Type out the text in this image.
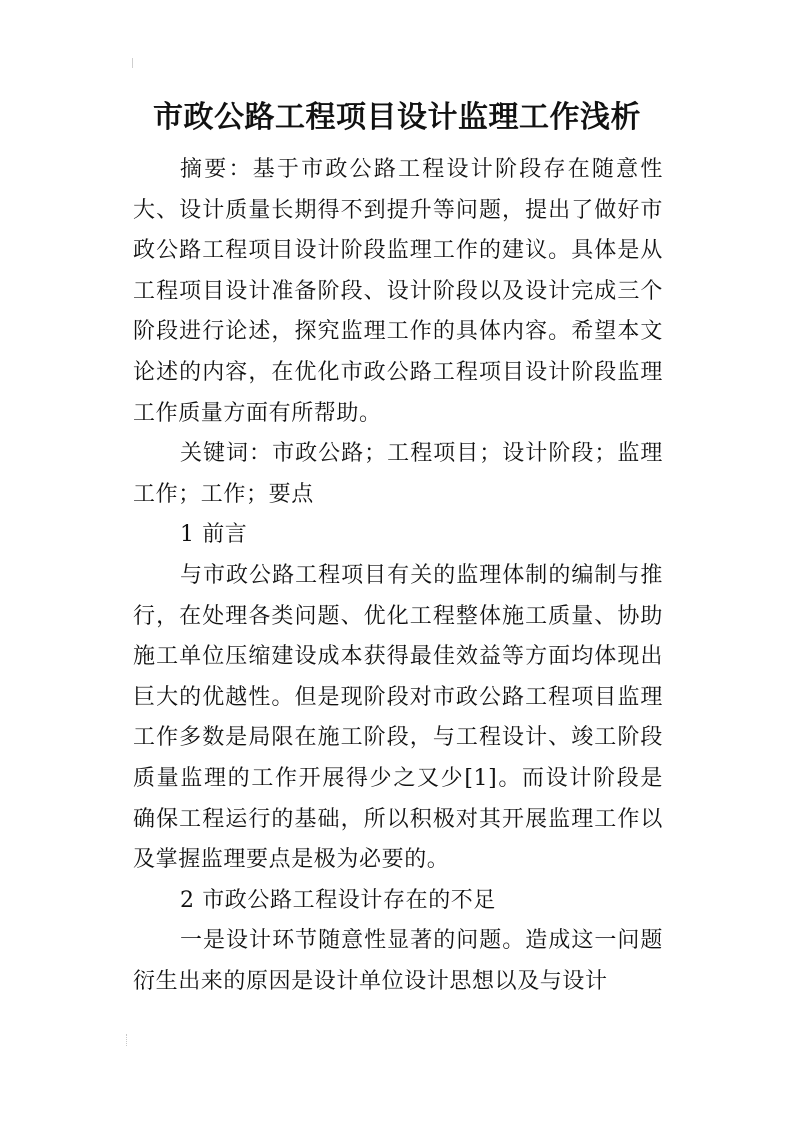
市政公路工程项目设计监理工作浅析

摘要：基于市政公路工程设计阶段存在随意性大、设计质量长期得不到提升等问题，提出了做好市政公路工程项目设计阶段监理工作的建议。具体是从工程项目设计准备阶段、设计阶段以及设计完成三个阶段进行论述，探究监理工作的具体内容。希望本文论述的内容，在优化市政公路工程项目设计阶段监理工作质量方面有所帮助。

关键词：市政公路；工程项目；设计阶段；监理工作；工作；要点

1 前言

与市政公路工程项目有关的监理体制的编制与推行，在处理各类问题、优化工程整体施工质量、协助施工单位压缩建设成本获得最佳效益等方面均体现出巨大的优越性。但是现阶段对市政公路工程项目监理工作多数是局限在施工阶段，与工程设计、竣工阶段质量监理的工作开展得少之又少[1]。而设计阶段是确保工程运行的基础，所以积极对其开展监理工作以及掌握监理要点是极为必要的。

2 市政公路工程设计存在的不足

一是设计环节随意性显著的问题。造成这一问题衍生出来的原因是设计单位设计思想以及与设计
